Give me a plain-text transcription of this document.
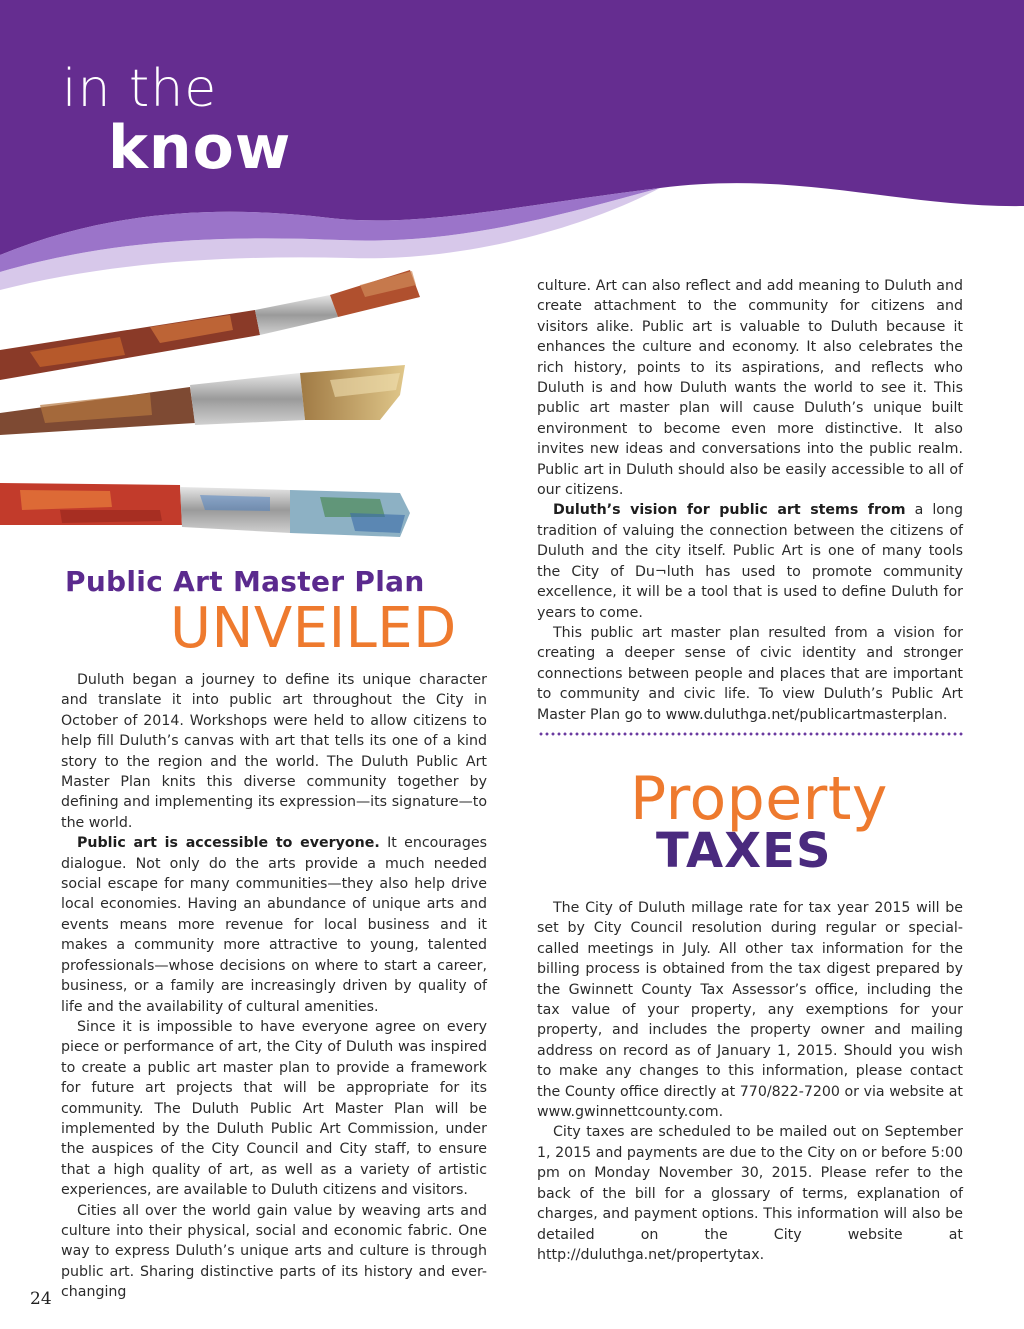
in the
know
Public Art Master Plan
UNVEILED

Duluth began a journey to define its unique character and translate it into public art throughout the City in October of 2014. Workshops were held to allow citizens to help fill Duluth’s canvas with art that tells its one of a kind story to the region and the world. The Duluth Public Art Master Plan knits this diverse community together by defining and implementing its expression—its signature—to the world.

Public art is accessible to everyone. It encourages dialogue. Not only do the arts provide a much needed social escape for many communities—they also help drive local economies. Having an abundance of unique arts and events means more revenue for local business and it makes a community more attractive to young, talented professionals—whose decisions on where to start a career, business, or a family are increasingly driven by quality of life and the availability of cultural amenities.

Since it is impossible to have everyone agree on every piece or performance of art, the City of Duluth was inspired to create a public art master plan to provide a framework for future art projects that will be appropriate for its community. The Duluth Public Art Master Plan will be implemented by the Duluth Public Art Commission, under the auspices of the City Council and City staff, to ensure that a high quality of art, as well as a variety of artistic experiences, are available to Duluth citizens and visitors.

Cities all over the world gain value by weaving arts and culture into their physical, social and economic fabric. One way to express Duluth’s unique arts and culture is through public art. Sharing distinctive parts of its history and ever-changing

culture. Art can also reflect and add meaning to Duluth and create attachment to the community for citizens and visitors alike. Public art is valuable to Duluth because it enhances the culture and economy. It also celebrates the rich history, points to its aspirations, and reflects who Duluth is and how Duluth wants the world to see it. This public art master plan will cause Duluth’s unique built environment to become even more distinctive. It also invites new ideas and conversations into the public realm. Public art in Duluth should also be easily accessible to all of our citizens.

Duluth’s vision for public art stems from a long tradition of valuing the connection between the citizens of Duluth and the city itself. Public Art is one of many tools the City of Du¬luth has used to promote community excellence, it will be a tool that is used to define Duluth for years to come.

This public art master plan resulted from a vision for creating a deeper sense of civic identity and stronger connections between people and places that are important to community and civic life. To view Duluth’s Public Art Master Plan go to www.duluthga.net/publicartmasterplan.

Property
TAXES

The City of Duluth millage rate for tax year 2015 will be set by City Council resolution during regular or special-called meetings in July. All other tax information for the billing process is obtained from the tax digest prepared by the Gwinnett County Tax Assessor’s office, including the tax value of your property, any exemptions for your property, and includes the property owner and mailing address on record as of January 1, 2015. Should you wish to make any changes to this information, please contact the County office directly at 770/822-7200 or via website at www.gwinnettcounty.com.

City taxes are scheduled to be mailed out on September 1, 2015 and payments are due to the City on or before 5:00 pm on Monday November 30, 2015. Please refer to the back of the bill for a glossary of terms, explanation of charges, and payment options. This information will also be detailed on the City website at http://duluthga.net/propertytax.

24
